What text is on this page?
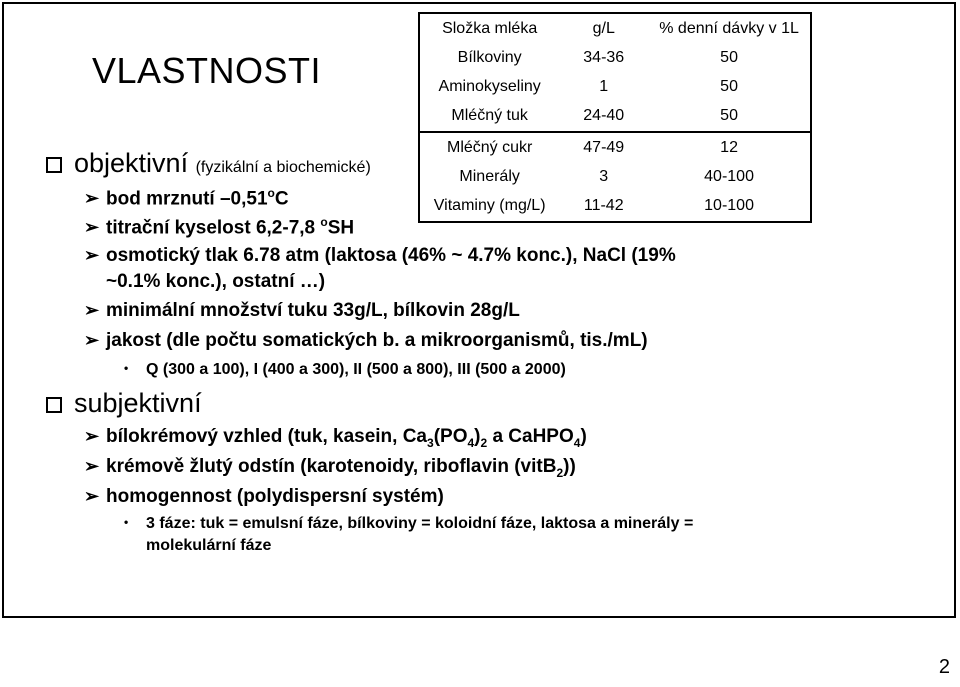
VLASTNOSTI
Složka mléka	g/L	% denní dávky v 1L
Bílkoviny	34-36	50
Aminokyseliny	1	50
Mléčný tuk	24-40	50
Mléčný cukr	47-49	12
Minerály	3	40-100
Vitaminy (mg/L)	11-42	10-100
objektivní (fyzikální a biochemické)
➢ bod mrznutí –0,51$^o$C
➢ titrační kyselost 6,2-7,8 $^o$SH
➢ osmotický tlak 6.78 atm (laktosa (46% ~ 4.7% konc.), NaCl (19%
~0.1% konc.), ostatní …)
➢ minimální množství tuku 33g/L, bílkovin 28g/L
➢ jakost (dle počtu somatických b. a mikroorganismů, tis./mL)
• Q (300 a 100), I (400 a 300), II (500 a 800), III (500 a 2000)
subjektivní
➢ bílokrémový vzhled (tuk, kasein, $Ca_3(PO_4)_2$ a CaHPO$_4$)
➢ krémově žlutý odstín (karotenoidy, riboflavin (vitB$_2$))
➢ homogennost (polydispersní systém)
• 3 fáze: tuk = emulsní fáze, bílkoviny = koloidní fáze, laktosa a minerály =
molekulární fáze
2
